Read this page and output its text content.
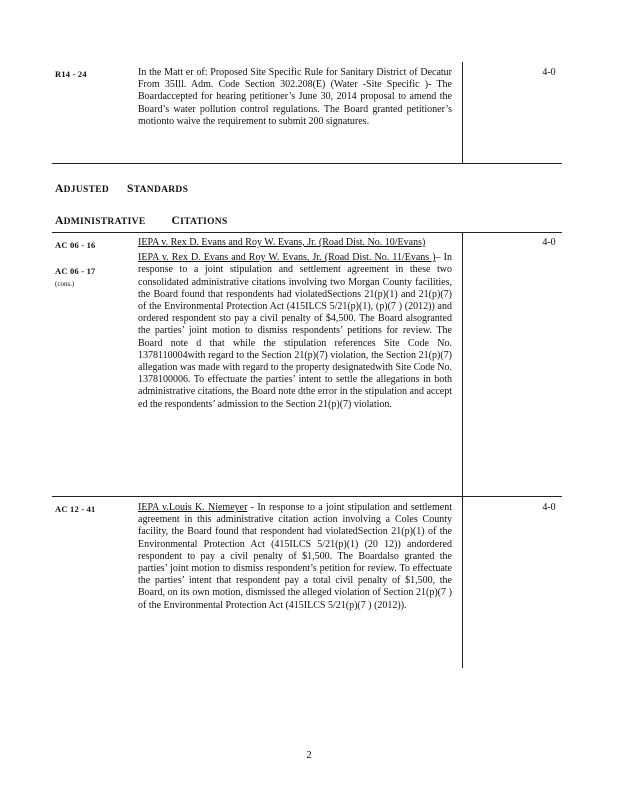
R14 - 24	In the Matt er of: Proposed Site Specific Rule for Sanitary District of Decatur From 35Ill. Adm. Code Section 302.208(E) (Water -Site Specific )- The Boardaccepted for hearing petitioner’s June 30, 2014 proposal to amend the Board’s water pollution control regulations. The Board granted petitioner’s motionto waive the requirement to submit 200 signatures.

4-0
ADJUSTED STANDARDS
ADMINISTRATIVE CITATIONS
AC 06 - 16
AC 06 - 17
(cons.)

IEPA v. Rex D. Evans and Roy W. Evans, Jr. (Road Dist. No. 10/Evans)

IEPA v. Rex D. Evans and Roy W. Evans, Jr. (Road Dist. No. 11/Evans )– In response to a joint stipulation and settlement agreement in these two consolidated administrative citations involving two Morgan County facilities, the Board found that respondents had violatedSections 21(p)(1) and 21(p)(7) of the Environmental Protection Act (415ILCS 5/21(p)(1), (p)(7 ) (2012)) and ordered respondent sto pay a civil penalty of $4,500. The Board alsogranted the parties’ joint motion to dismiss respondents’ petitions for review. The Board note d that while the stipulation references Site Code No. 1378110004with regard to the Section 21(p)(7) violation, the Section 21(p)(7) allegation was made with regard to the property designatedwith Site Code No. 1378100006. To effectuate the parties’ intent to settle the allegations in both administrative citations, the Board note dthe error in the stipulation and accept ed the respondents’ admission to the Section 21(p)(7) violation.

4-0
AC 12 - 41	IEPA v.Louis K. Niemeyer - In response to a joint stipulation and settlement agreement in this administrative citation action involving a Coles County facility, the Board found that respondent had violatedSection 21(p)(1) of the Environmental Protection Act (415ILCS 5/21(p)(1) (20 12)) andordered respondent to pay a civil penalty of $1,500. The Boardalso granted the parties’ joint motion to dismiss respondent’s petition for review. To effectuate the parties’ intent that respondent pay a total civil penalty of $1,500, the Board, on its own motion, dismissed the alleged violation of Section 21(p)(7 ) of the Environmental Protection Act (415ILCS 5/21(p)(7 ) (2012)).

4-0
2
